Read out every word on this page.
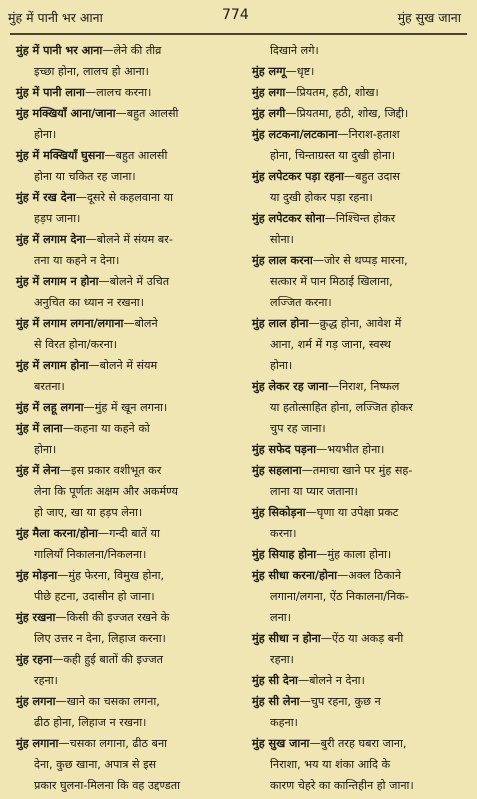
मुंह में पानी भर आना	774	मुंह सुख जाना
मुंह में पानी भर आना—लेने की तीव्र
इच्छा होना, लालच हो आना।
मुंह में पानी लाना—लालच करना।
मुंह मक्खियाँ आना/जाना—बहुत आलसी
होना।
मुंह में मक्खियाँ घुसना—बहुत आलसी
होना या चकित रह जाना।
मुंह में रख देना—दूसरे से कहलवाना या
हड़प जाना।
मुंह में लगाम देना—बोलने में संयम बर-
तना या कहने न देना।
मुंह में लगाम न होना—बोलने में उचित
अनुचित का ध्यान न रखना।
मुंह में लगाम लगना/लगाना—बोलने
से विरत होना/करना।
मुंह में लगाम होना—बोलने में संयम
बरतना।
मुंह में लहू लगना—मुंह में खून लगना।
मुंह में लाना—कहना या कहने को
होना।
मुंह में लेना—इस प्रकार वशीभूत कर
लेना कि पूर्णतः अक्षम और अकर्मण्य
हो जाए, खा या हड़प लेना।
मुंह मैला करना/होना—गन्दी बातें या
गालियाँ निकालना/निकलना।
मुंह मोड़ना—मुंह फेरना, विमुख होना,
पीछे हटना, उदासीन हो जाना।
मुंह रखना—किसी की इज्जत रखने के
लिए उत्तर न देना, लिहाज करना।
मुंह रहना—कही हुई बातों की इज्जत
रहना।
मुंह लगना—खाने का चसका लगना,
ढीठ होना, लिहाज न रखना।
मुंह लगाना—चसका लगाना, ढीठ बना
देना, कुछ खाना, अपात्र से इस
प्रकार घुलना-मिलना कि वह उद्दण्डता
दिखाने लगे।
मुंह लग्गू—धृष्ट।
मुंह लगा—प्रियतम, हठी, शोख।
मुंह लगी—प्रियतमा, हठी, शोख, जिद्दी।
मुंह लटकना/लटकाना—निराश-हताश
होना, चिन्ताग्रस्त या दुखी होना।
मुंह लपेटकर पड़ा रहना—बहुत उदास
या दुखी होकर पड़ा रहना।
मुंह लपेटकर सोना—निश्चिन्त होकर
सोना।
मुंह लाल करना—जोर से थप्पड़ मारना,
सत्कार में पान मिठाई खिलाना,
लज्जित करना।
मुंह लाल होना—क्रुद्ध होना, आवेश में
आना, शर्म में गड़ जाना, स्वस्थ
होना।
मुंह लेकर रह जाना—निराश, निष्फल
या हतोत्साहित होना, लज्जित होकर
चुप रह जाना।
मुंह सफेद पड़ना—भयभीत होना।
मुंह सहलाना—तमाचा खाने पर मुंह सह-
लाना या प्यार जताना।
मुंह सिकोड़ना—घृणा या उपेक्षा प्रकट
करना।
मुंह सियाह होना—मुंह काला होना।
मुंह सीधा करना/होना—अक्ल ठिकाने
लगाना/लगना, ऐंठ निकालना/निक-
लना।
मुंह सीधा न होना—ऐंठ या अकड़ बनी
रहना।
मुंह सी देना—बोलने न देना।
मुंह सी लेना—चुप रहना, कुछ न
कहना।
मुंह सुख जाना—बुरी तरह घबरा जाना,
निराशा, भय या शंका आदि के
कारण चेहरे का कान्तिहीन हो जाना।
